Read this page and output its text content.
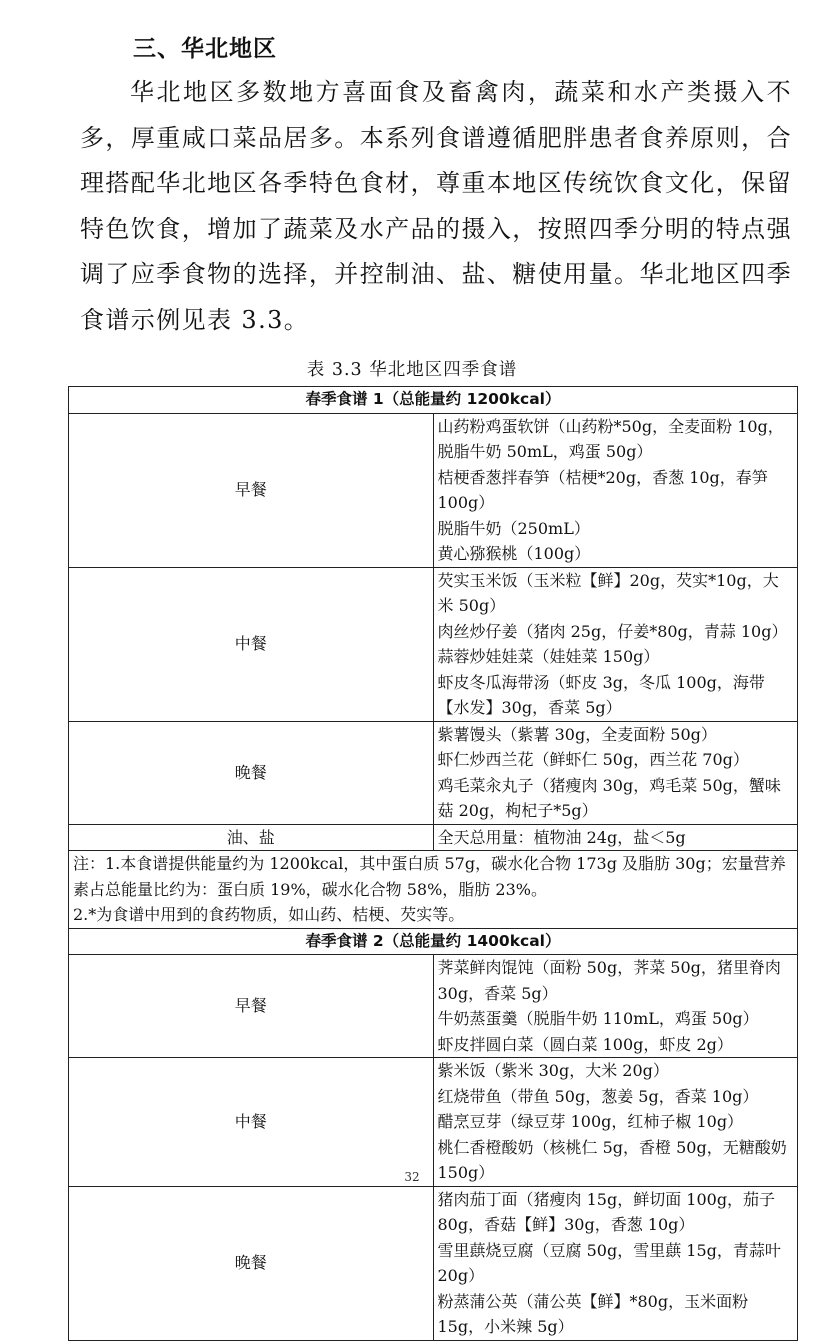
三、华北地区

华北地区多数地方喜面食及畜禽肉，蔬菜和水产类摄入不多，厚重咸口菜品居多。本系列食谱遵循肥胖患者食养原则，合理搭配华北地区各季特色食材，尊重本地区传统饮食文化，保留特色饮食，增加了蔬菜及水产品的摄入，按照四季分明的特点强调了应季食物的选择，并控制油、盐、糖使用量。华北地区四季食谱示例见表 3.3。

表 3.3 华北地区四季食谱
春季食谱 1（总能量约 1200kcal）	
早餐	山药粉鸡蛋软饼（山药粉*50g，全麦面粉 10g，脱脂牛奶 50mL，鸡蛋 50g）
桔梗香葱拌春笋（桔梗*20g，香葱 10g，春笋 100g）
脱脂牛奶（250mL）
黄心猕猴桃（100g）

中餐	芡实玉米饭（玉米粒【鲜】20g，芡实*10g，大米 50g）
肉丝炒仔姜（猪肉 25g，仔姜*80g，青蒜 10g）
蒜蓉炒娃娃菜（娃娃菜 150g）
虾皮冬瓜海带汤（虾皮 3g，冬瓜 100g，海带【水发】30g，香菜 5g）

晚餐	紫薯馒头（紫薯 30g，全麦面粉 50g）
虾仁炒西兰花（鲜虾仁 50g，西兰花 70g）
鸡毛菜汆丸子（猪瘦肉 30g，鸡毛菜 50g，蟹味菇 20g，枸杞子*5g）

油、盐	全天总用量：植物油 24g，盐＜5g

注：1.本食谱提供能量约为 1200kcal，其中蛋白质 57g，碳水化合物 173g 及脂肪 30g；宏量营养素占总能量比约为：蛋白质 19%，碳水化合物 58%，脂肪 23%。
2.*为食谱中用到的食药物质，如山药、桔梗、芡实等。	

春季食谱 2（总能量约 1400kcal）	
早餐	荠菜鲜肉馄饨（面粉 50g，荠菜 50g，猪里脊肉 30g，香菜 5g）
牛奶蒸蛋羹（脱脂牛奶 110mL，鸡蛋 50g）
虾皮拌圆白菜（圆白菜 100g，虾皮 2g）

中餐	紫米饭（紫米 30g，大米 20g）
红烧带鱼（带鱼 50g，葱姜 5g，香菜 10g）
醋烹豆芽（绿豆芽 100g，红柿子椒 10g）
桃仁香橙酸奶（核桃仁 5g，香橙 50g，无糖酸奶 150g）

晚餐	猪肉茄丁面（猪瘦肉 15g，鲜切面 100g，茄子 80g，香菇【鲜】30g，香葱 10g）
雪里蕻烧豆腐（豆腐 50g，雪里蕻 15g，青蒜叶 20g）
粉蒸蒲公英（蒲公英【鲜】*80g，玉米面粉 15g，小米辣 5g）
32
